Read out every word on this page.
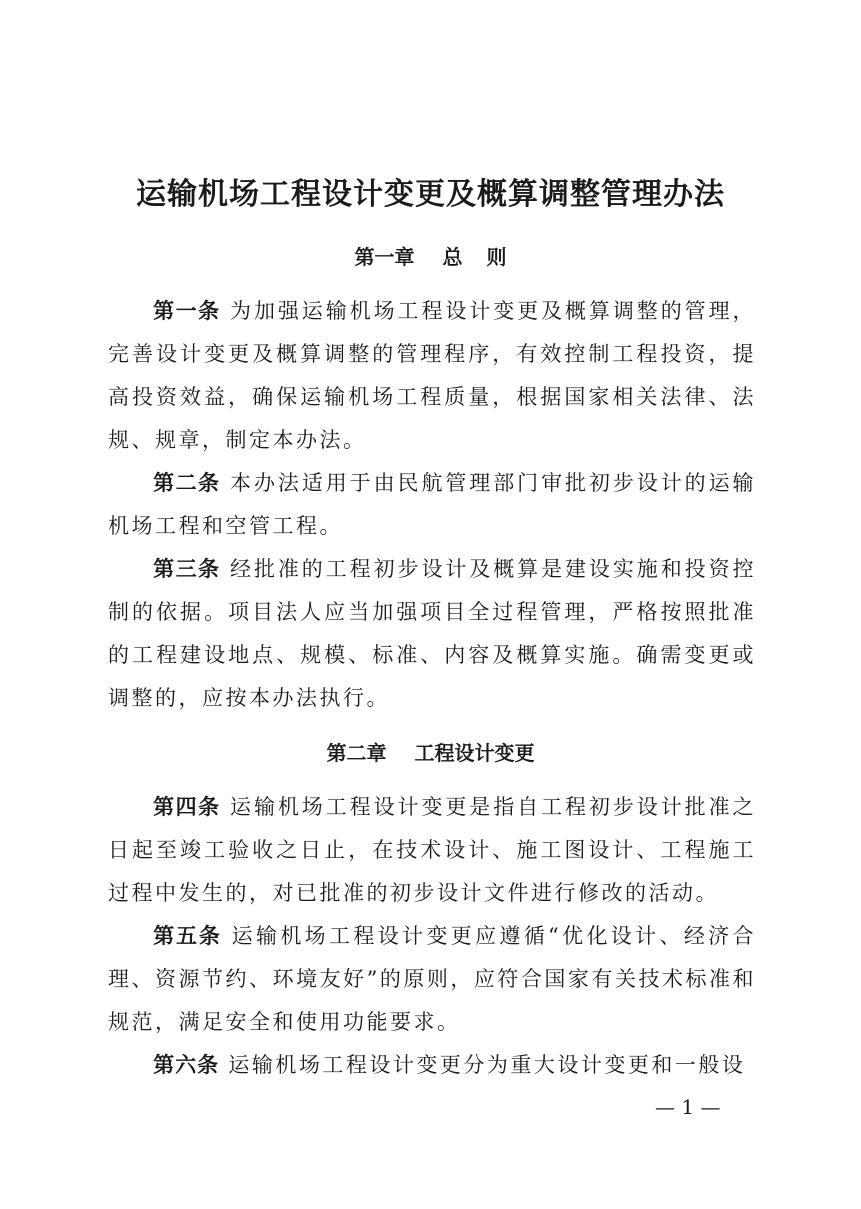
运输机场工程设计变更及概算调整管理办法
第一章 总 则

第一条 为加强运输机场工程设计变更及概算调整的管理，完善设计变更及概算调整的管理程序，有效控制工程投资，提高投资效益，确保运输机场工程质量，根据国家相关法律、法规、规章，制定本办法。

第二条 本办法适用于由民航管理部门审批初步设计的运输机场工程和空管工程。

第三条 经批准的工程初步设计及概算是建设实施和投资控制的依据。项目法人应当加强项目全过程管理，严格按照批准的工程建设地点、规模、标准、内容及概算实施。确需变更或调整的，应按本办法执行。

第二章 工程设计变更

第四条 运输机场工程设计变更是指自工程初步设计批准之日起至竣工验收之日止，在技术设计、施工图设计、工程施工过程中发生的，对已批准的初步设计文件进行修改的活动。

第五条 运输机场工程设计变更应遵循“优化设计、经济合理、资源节约、环境友好”的原则，应符合国家有关技术标准和规范，满足安全和使用功能要求。

第六条 运输机场工程设计变更分为重大设计变更和一般设

— 1 —
